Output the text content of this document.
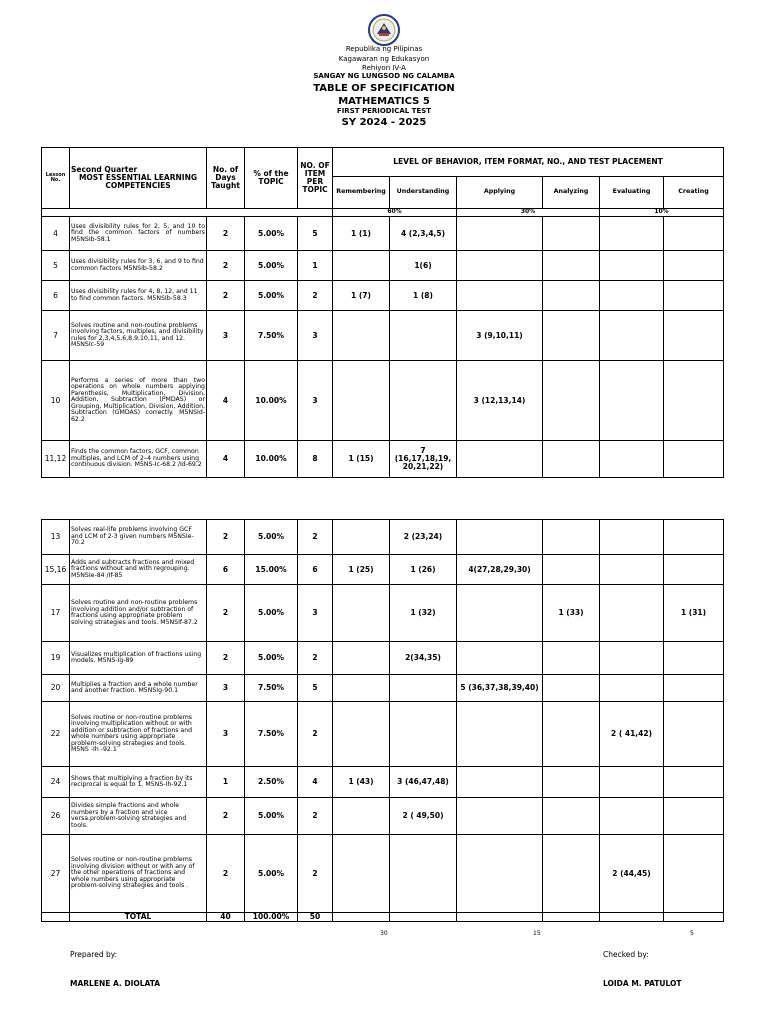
Republika ng Pilipinas
Kagawaran ng Edukasyon
Rehiyon IV-A
SANGAY NG LUNGSOD NG CALAMBA
TABLE OF SPECIFICATION
MATHEMATICS 5
FIRST PERIODICAL TEST
SY 2024 - 2025
Lesson No.	Second Quarter
MOST ESSENTIAL LEARNING COMPETENCIES	No. of Days Taught	% of the TOPIC	NO. OF ITEM PER TOPIC	LEVEL OF BEHAVIOR, ITEM FORMAT, NO., AND TEST PLACEMENT					
					Remembering	Understanding	Applying	Analyzing	Evaluating	Creating
					60%		30%		10%	
4	Uses divisibility rules for 2, 5, and 10 to find the common factors of numbers M5NSIb-58.1	2	5.00%	5	1 (1)	4 (2,3,4,5)				
5	Uses divisibility rules for 3, 6, and 9 to find common factors M5NSIb-58.2	2	5.00%	1		1(6)				
6	Uses divisibility rules for 4, 8, 12, and 11 to find common factors. M5NSIb-58.3	2	5.00%	2	1 (7)	1 (8)				
7	Solves routine and non-routine problems involving factors, multiples, and divisibility rules for 2,3,4,5,6,8,9,10,11, and 12. M5NSIc-59	3	7.50%	3			3 (9,10,11)			
10	Performs a series of more than two operations on whole numbers applying Parenthesis, Multiplication, Division, Addition, Subtraction (PMDAS) or Grouping, Multiplication, Division, Addition, Subtraction (GMDAS) correctly. M5NSId-62.2	4	10.00%	3			3 (12,13,14)			
11,12	Finds the common factors, GCF, common multiples, and LCM of 2–4 numbers using continuous division. M5NS-Ic-68.2 /Id-69.2	4	10.00%	8	1 (15)	7 (16,17,18,19, 20,21,22)				
13	Solves real-life problems involving GCF and LCM of 2-3 given numbers M5NSIe-70.2	2	5.00%	2		2 (23,24)				
15,16	Adds and subtracts fractions and mixed fractions without and with regrouping. M5NSIe-84 /If-85	6	15.00%	6	1 (25)	1 (26)	4(27,28,29,30)			
17	Solves routine and non-routine problems involving addition and/or subtraction of fractions using appropriate problem solving strategies and tools. M5NSIf-87.2	2	5.00%	3		1 (32)		1 (33)		1 (31)
19	Visualizes multiplication of fractions using models. M5NS-Ig-89	2	5.00%	2		2(34,35)				
20	Multiplies a fraction and a whole number and another fraction. M5NSIg-90.1	3	7.50%	5			5 (36,37,38,39,40)			
22	Solves routine or non-routine problems involving multiplication without or with addition or subtraction of fractions and whole numbers using appropriate problem-solving strategies and tools. M5NS -Ih -92.1	3	7.50%	2					2 ( 41,42)	
24	Shows that multiplying a fraction by its reciprocal is equal to 1. M5NS-Ih-92.1	1	2.50%	4	1 (43)	3 (46,47,48)				
26	Divides simple fractions and whole numbers by a fraction and vice versa.problem-solving strategies and tools.	2	5.00%	2		2 ( 49,50)				
27	Solves routine or non-routine problems involving division without or with any of the other operations of fractions and whole numbers using appropriate problem-solving strategies and tools .	2	5.00%	2					2 (44,45)	
	TOTAL	40	100.00%	50						
30	15	5
Prepared by:
MARLENE A. DIOLATA
Checked by:
LOIDA M. PATULOT
